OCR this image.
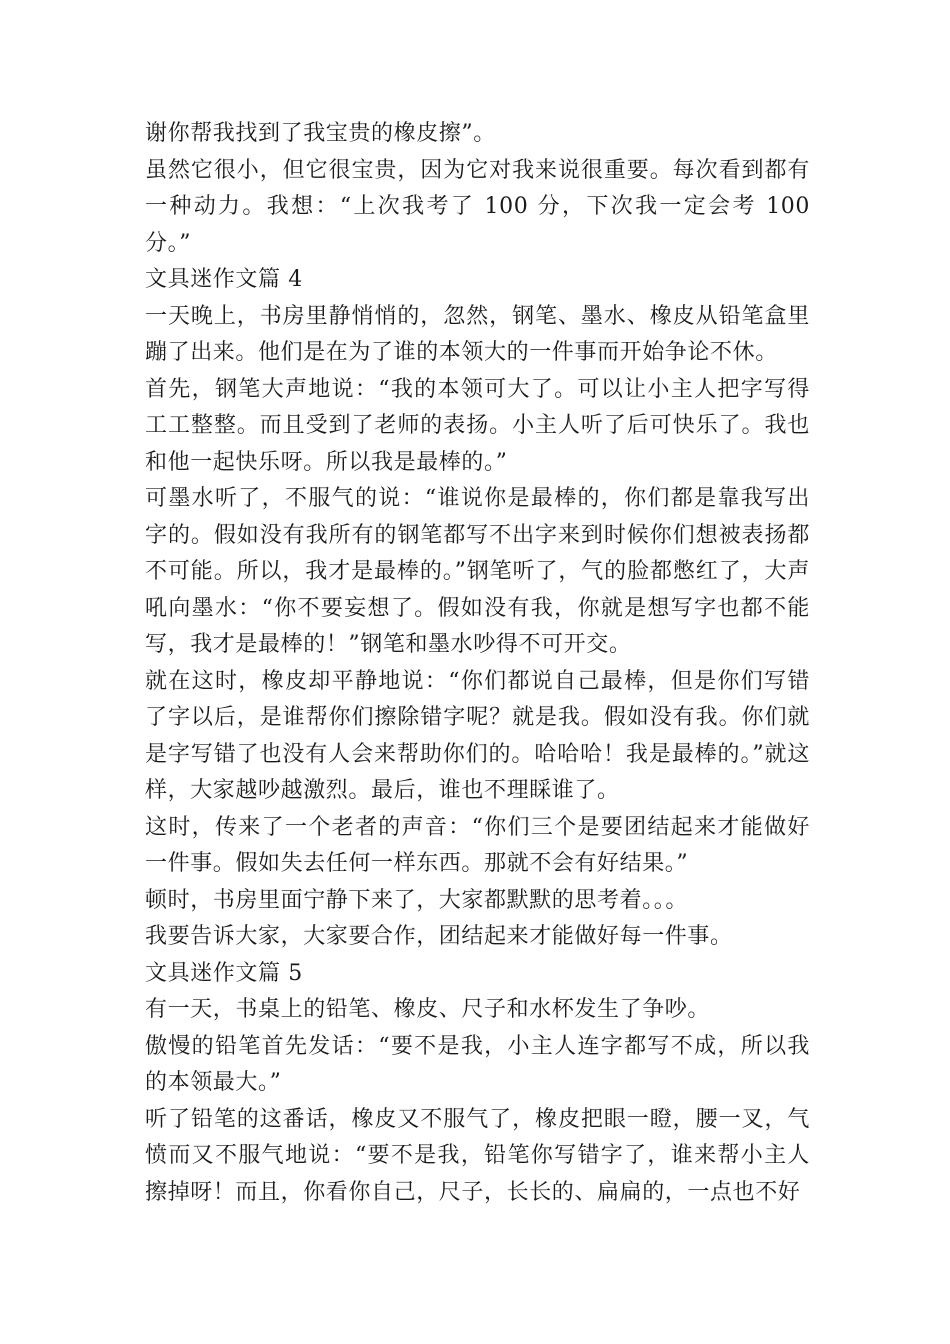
谢你帮我找到了我宝贵的橡皮擦”。

虽然它很小，但它很宝贵，因为它对我来说很重要。每次看到都有一种动力。我想：“上次我考了 100 分，下次我一定会考 100 分。”

文具迷作文篇 4

一天晚上，书房里静悄悄的，忽然，钢笔、墨水、橡皮从铅笔盒里蹦了出来。他们是在为了谁的本领大的一件事而开始争论不休。

首先，钢笔大声地说：“我的本领可大了。可以让小主人把字写得工工整整。而且受到了老师的表扬。小主人听了后可快乐了。我也和他一起快乐呀。所以我是最棒的。”

可墨水听了，不服气的说：“谁说你是最棒的，你们都是靠我写出字的。假如没有我所有的钢笔都写不出字来到时候你们想被表扬都不可能。所以，我才是最棒的。”钢笔听了，气的脸都憋红了，大声吼向墨水：“你不要妄想了。假如没有我，你就是想写字也都不能写，我才是最棒的！”钢笔和墨水吵得不可开交。

就在这时，橡皮却平静地说：“你们都说自己最棒，但是你们写错了字以后，是谁帮你们擦除错字呢？就是我。假如没有我。你们就是字写错了也没有人会来帮助你们的。哈哈哈！我是最棒的。”就这样，大家越吵越激烈。最后，谁也不理睬谁了。

这时，传来了一个老者的声音：“你们三个是要团结起来才能做好一件事。假如失去任何一样东西。那就不会有好结果。”

顿时，书房里面宁静下来了，大家都默默的思考着。。。

我要告诉大家，大家要合作，团结起来才能做好每一件事。

文具迷作文篇 5

有一天，书桌上的铅笔、橡皮、尺子和水杯发生了争吵。

傲慢的铅笔首先发话：“要不是我，小主人连字都写不成，所以我的本领最大。”

听了铅笔的这番话，橡皮又不服气了，橡皮把眼一瞪，腰一叉，气愤而又不服气地说：“要不是我，铅笔你写错字了，谁来帮小主人擦掉呀！而且，你看你自己，尺子，长长的、扁扁的，一点也不好
